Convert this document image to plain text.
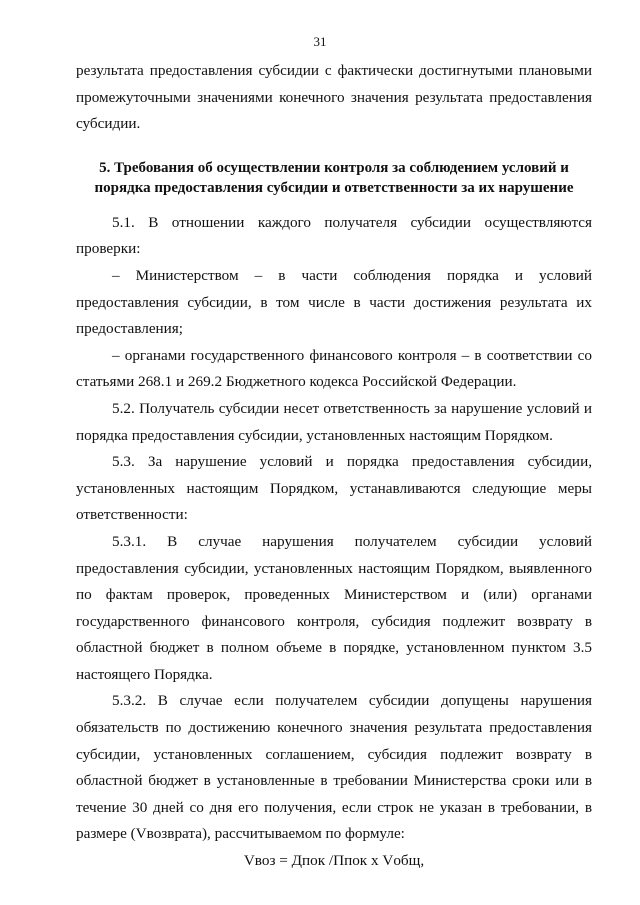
31

результата предоставления субсидии с фактически достигнутыми плановыми промежуточными значениями конечного значения результата предоставления субсидии.

5. Требования об осуществлении контроля за соблюдением условий и
порядка предоставления субсидии и ответственности за их нарушение

5.1. В отношении каждого получателя субсидии осуществляются проверки:

– Министерством – в части соблюдения порядка и условий предоставления субсидии, в том числе в части достижения результата их предоставления;

– органами государственного финансового контроля – в соответствии со статьями 268.1 и 269.2 Бюджетного кодекса Российской Федерации.

5.2. Получатель субсидии несет ответственность за нарушение условий и порядка предоставления субсидии, установленных настоящим Порядком.

5.3. За нарушение условий и порядка предоставления субсидии, установленных настоящим Порядком, устанавливаются следующие меры ответственности:

5.3.1. В случае нарушения получателем субсидии условий предоставления субсидии, установленных настоящим Порядком, выявленного по фактам проверок, проведенных Министерством и (или) органами государственного финансового контроля, субсидия подлежит возврату в областной бюджет в полном объеме в порядке, установленном пунктом 3.5 настоящего Порядка.

5.3.2. В случае если получателем субсидии допущены нарушения обязательств по достижению конечного значения результата предоставления субсидии, установленных соглашением, субсидия подлежит возврату в областной бюджет в установленные в требовании Министерства сроки или в течение 30 дней со дня его получения, если строк не указан в требовании, в размере (Vвозврата), рассчитываемом по формуле:

Vвоз = Дпок /Ппок х Vобщ,
